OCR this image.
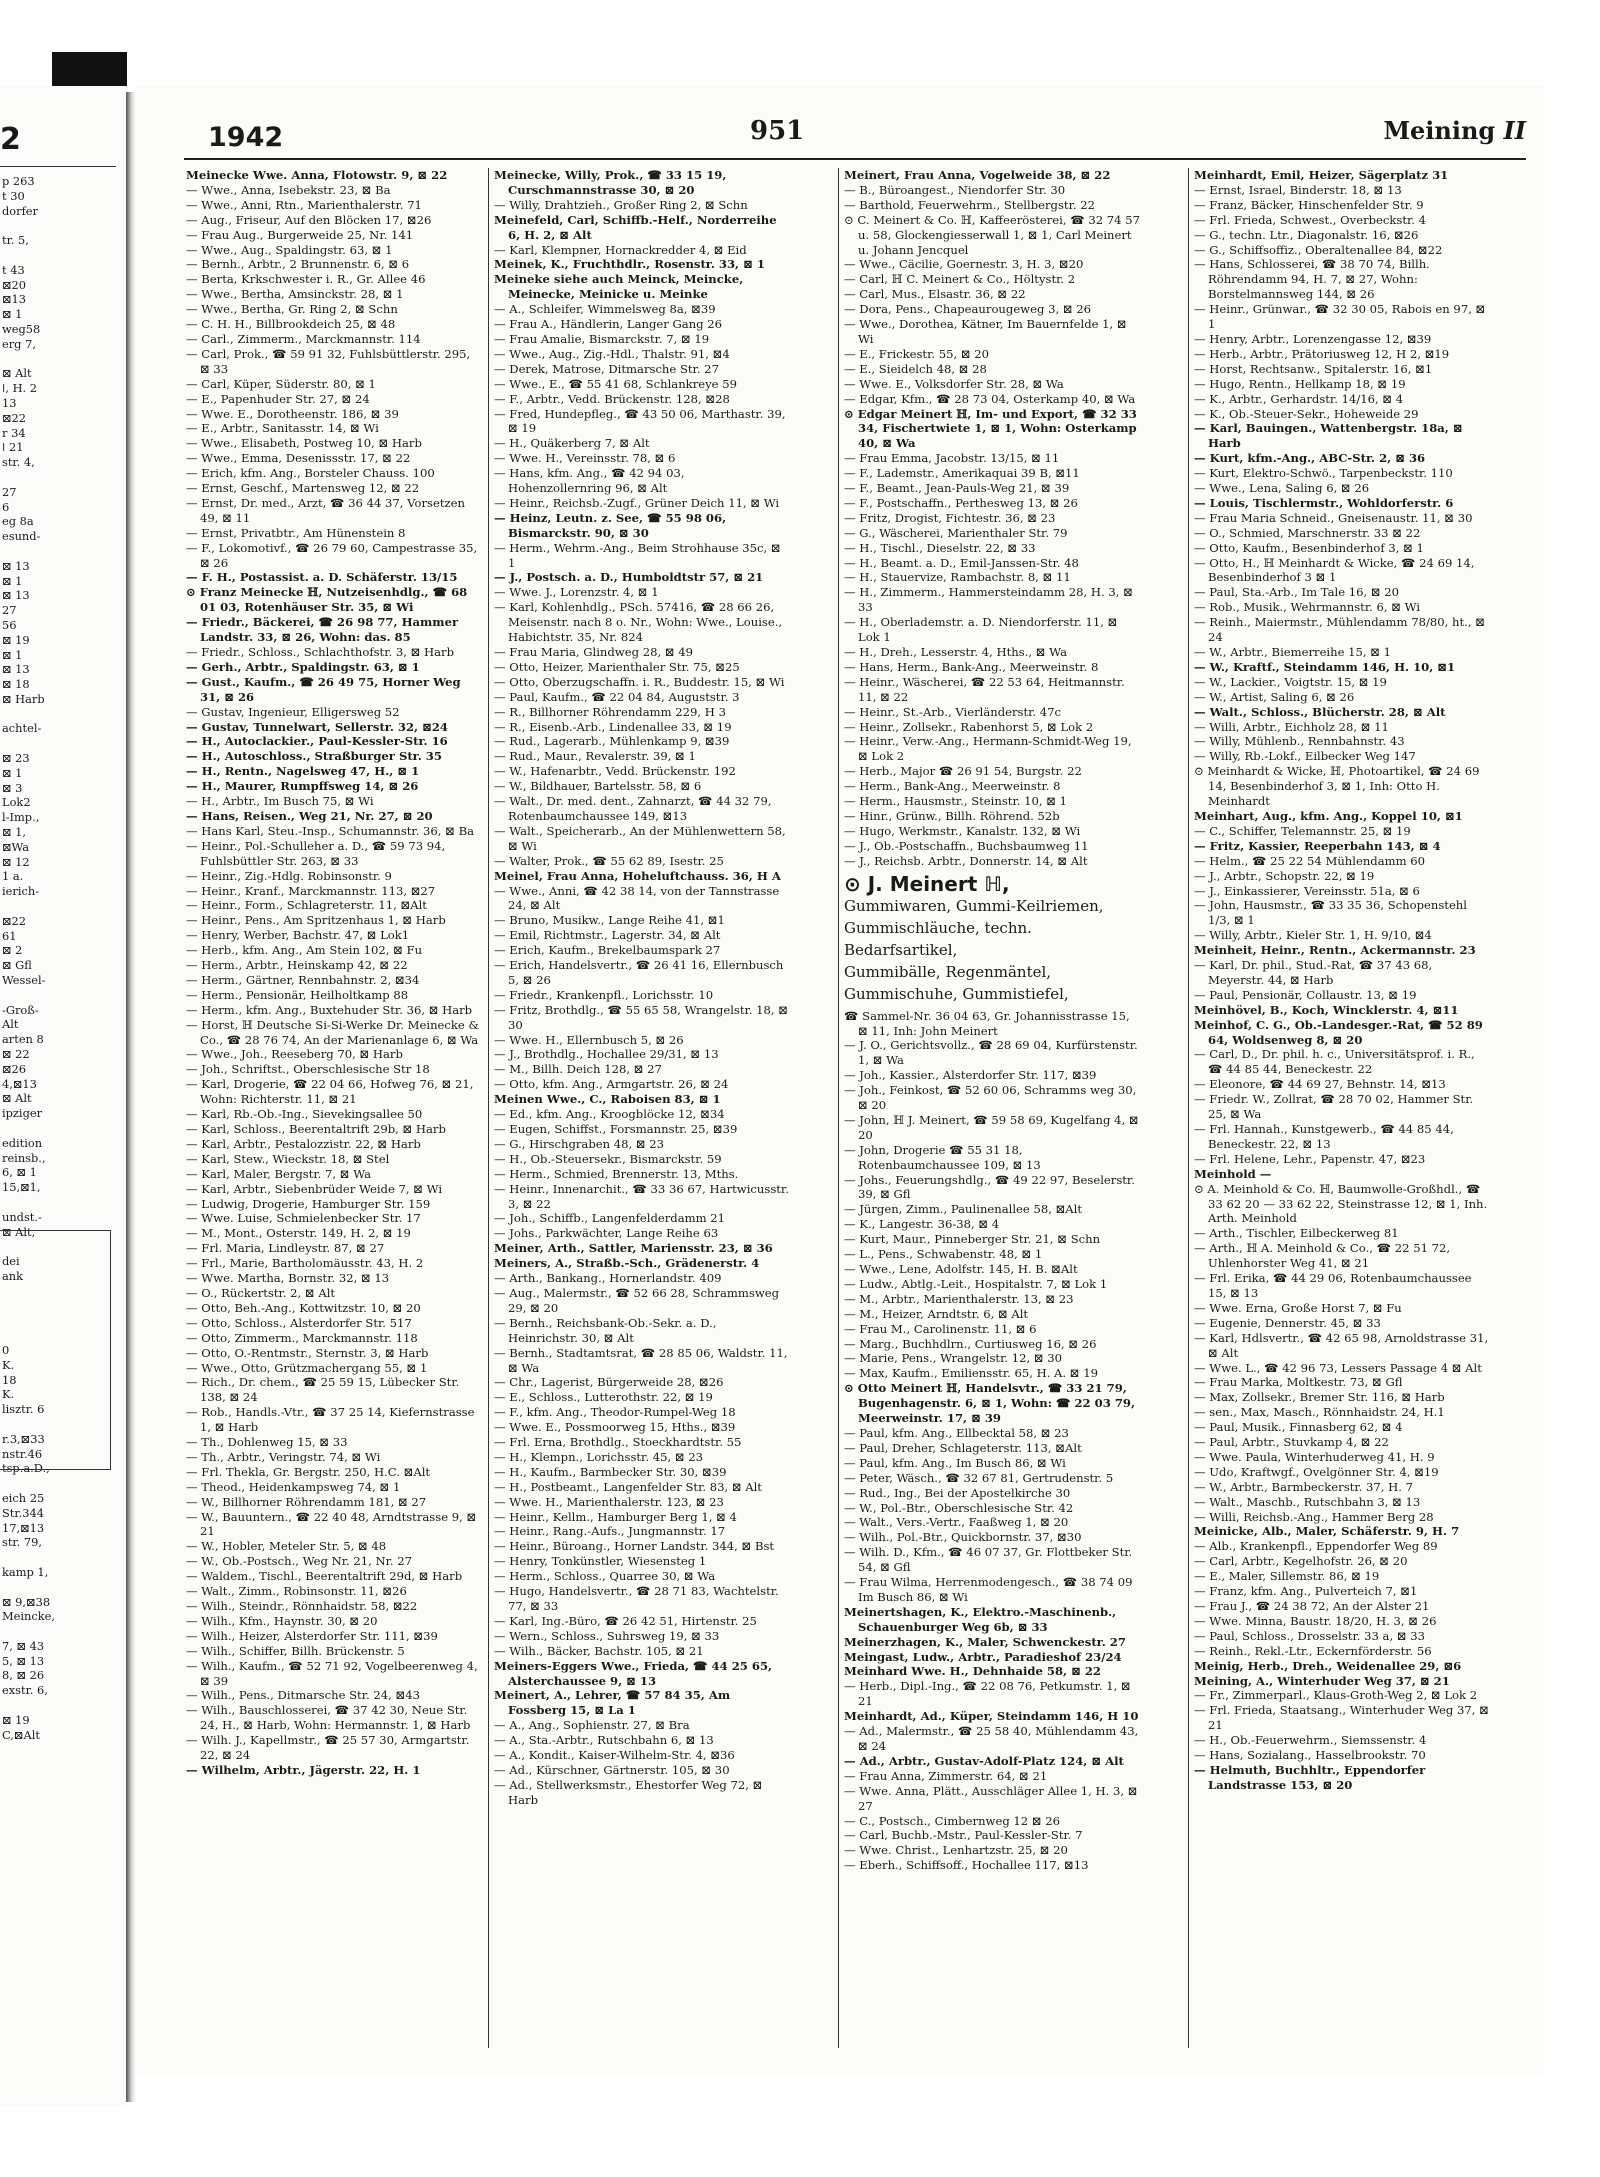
2
p 263
t 30
dorfer

tr. 5,

t 43
⊠20
⊠13
⊠ 1
weg58
erg 7,

⊠ Alt
ǀ, H. 2
13
⊠22
r 34
ǀ 21
str. 4,

27
6
eg 8a
esund-

⊠ 13
⊠ 1
⊠ 13
27
56
⊠ 19
⊠ 1
⊠ 13
⊠ 18
⊠ Harb

achtel-

⊠ 23
⊠ 1
⊠ 3
Lok2
l-Imp.,
⊠ 1,
⊠Wa
⊠ 12
1 a.
ierich-

⊠22
61
⊠ 2
⊠ Gfl
Wessel-

-Groß-
Alt
arten 8
⊠ 22
⊠26
4,⊠13
⊠ Alt
ipziger

edition
reinsb.,
6, ⊠ 1
15,⊠1,

undst.-
⊠ Alt,

dei
ank

0
K.
18
K.
lisztr. 6

r.3,⊠33
nstr.46
tsp.a.D.,

eich 25
Str.344
17,⊠13
str. 79,

kamp 1,

⊠ 9,⊠38
Meincke,

7, ⊠ 43
5, ⊠ 13
8, ⊠ 26
exstr. 6,

⊠ 19
C,⊠Alt
1942	951	Meining II
Meinecke Wwe. Anna, Flotowstr. 9, ⊠ 22
— Wwe., Anna, Isebekstr. 23, ⊠ Ba
— Wwe., Anni, Rtn., Marienthalerstr. 71
— Aug., Friseur, Auf den Blöcken 17, ⊠26
— Frau Aug., Burgerweide 25, Nr. 141
— Wwe., Aug., Spaldingstr. 63, ⊠ 1
— Bernh., Arbtr., 2 Brunnenstr. 6, ⊠ 6
— Berta, Krkschwester i. R., Gr. Allee 46
— Wwe., Bertha, Amsinckstr. 28, ⊠ 1
— Wwe., Bertha, Gr. Ring 2, ⊠ Schn
— C. H. H., Billbrookdeich 25, ⊠ 48
— Carl., Zimmerm., Marckmannstr. 114
— Carl, Prok., ☎ 59 91 32, Fuhlsbüttlerstr. 295, ⊠ 33
— Carl, Küper, Süderstr. 80, ⊠ 1
— E., Papenhuder Str. 27, ⊠ 24
— Wwe. E., Dorotheenstr. 186, ⊠ 39
— E., Arbtr., Sanitasstr. 14, ⊠ Wi
— Wwe., Elisabeth, Postweg 10, ⊠ Harb
— Wwe., Emma, Desenissstr. 17, ⊠ 22
— Erich, kfm. Ang., Borsteler Chauss. 100
— Ernst, Geschf., Martensweg 12, ⊠ 22
— Ernst, Dr. med., Arzt, ☎ 36 44 37, Vorsetzen 49, ⊠ 11
— Ernst, Privatbtr., Am Hünenstein 8
— F., Lokomotivf., ☎ 26 79 60, Campestrasse 35, ⊠ 26
— F. H., Postassist. a. D. Schäferstr. 13/15
⊙ Franz Meinecke ℍ, Nutzeisenhdlg., ☎ 68 01 03, Rotenhäuser Str. 35, ⊠ Wi
— Friedr., Bäckerei, ☎ 26 98 77, Hammer Landstr. 33, ⊠ 26, Wohn: das. 85
— Friedr., Schloss., Schlachthofstr. 3, ⊠ Harb
— Gerh., Arbtr., Spaldingstr. 63, ⊠ 1
— Gust., Kaufm., ☎ 26 49 75, Horner Weg 31, ⊠ 26
— Gustav, Ingenieur, Elligersweg 52
— Gustav, Tunnelwart, Sellerstr. 32, ⊠24
— H., Autoclackier., Paul-Kessler-Str. 16
— H., Autoschloss., Straßburger Str. 35
— H., Rentn., Nagelsweg 47, H., ⊠ 1
— H., Maurer, Rumpffsweg 14, ⊠ 26
— H., Arbtr., Im Busch 75, ⊠ Wi
— Hans, Reisen., Weg 21, Nr. 27, ⊠ 20
— Hans Karl, Steu.-Insp., Schumannstr. 36, ⊠ Ba
— Heinr., Pol.-Schulleher a. D., ☎ 59 73 94, Fuhlsbüttler Str. 263, ⊠ 33
— Heinr., Zig.-Hdlg. Robinsonstr. 9
— Heinr., Kranf., Marckmannstr. 113, ⊠27
— Heinr., Form., Schlagreterstr. 11, ⊠Alt
— Heinr., Pens., Am Spritzenhaus 1, ⊠ Harb
— Henry, Werber, Bachstr. 47, ⊠ Lok1
— Herb., kfm. Ang., Am Stein 102, ⊠ Fu
— Herm., Arbtr., Heinskamp 42, ⊠ 22
— Herm., Gärtner, Rennbahnstr. 2, ⊠34
— Herm., Pensionär, Heilholtkamp 88
— Herm., kfm. Ang., Buxtehuder Str. 36, ⊠ Harb
— Horst, ℍ Deutsche Si-Si-Werke Dr. Meinecke & Co., ☎ 28 76 74, An der Marienanlage 6, ⊠ Wa
— Wwe., Joh., Reeseberg 70, ⊠ Harb
— Joh., Schriftst., Oberschlesische Str 18
— Karl, Drogerie, ☎ 22 04 66, Hofweg 76, ⊠ 21, Wohn: Richterstr. 11, ⊠ 21
— Karl, Rb.-Ob.-Ing., Sievekingsallee 50
— Karl, Schloss., Beerentaltrift 29b, ⊠ Harb
— Karl, Arbtr., Pestalozzistr. 22, ⊠ Harb
— Karl, Stew., Wieckstr. 18, ⊠ Stel
— Karl, Maler, Bergstr. 7, ⊠ Wa
— Karl, Arbtr., Siebenbrüder Weide 7, ⊠ Wi
— Ludwig, Drogerie, Hamburger Str. 159
— Wwe. Luise, Schmielenbecker Str. 17
— M., Mont., Osterstr. 149, H. 2, ⊠ 19
— Frl. Maria, Lindleystr. 87, ⊠ 27
— Frl., Marie, Bartholomäusstr. 43, H. 2
— Wwe. Martha, Bornstr. 32, ⊠ 13
— O., Rückertstr. 2, ⊠ Alt
— Otto, Beh.-Ang., Kottwitzstr. 10, ⊠ 20
— Otto, Schloss., Alsterdorfer Str. 517
— Otto, Zimmerm., Marckmannstr. 118
— Otto, O.-Rentmstr., Sternstr. 3, ⊠ Harb
— Wwe., Otto, Grützmachergang 55, ⊠ 1
— Rich., Dr. chem., ☎ 25 59 15, Lübecker Str. 138, ⊠ 24
— Rob., Handls.-Vtr., ☎ 37 25 14, Kiefernstrasse 1, ⊠ Harb
— Th., Dohlenweg 15, ⊠ 33
— Th., Arbtr., Veringstr. 74, ⊠ Wi
— Frl. Thekla, Gr. Bergstr. 250, H.C. ⊠Alt
— Theod., Heidenkampsweg 74, ⊠ 1
— W., Billhorner Röhrendamm 181, ⊠ 27
— W., Bauuntern., ☎ 22 40 48, Arndtstrasse 9, ⊠ 21
— W., Hobler, Meteler Str. 5, ⊠ 48
— W., Ob.-Postsch., Weg Nr. 21, Nr. 27
— Waldem., Tischl., Beerentaltrift 29d, ⊠ Harb
— Walt., Zimm., Robinsonstr. 11, ⊠26
— Wilh., Steindr., Rönnhaidstr. 58, ⊠22
— Wilh., Kfm., Haynstr. 30, ⊠ 20
— Wilh., Heizer, Alsterdorfer Str. 111, ⊠39
— Wilh., Schiffer, Billh. Brückenstr. 5
— Wilh., Kaufm., ☎ 52 71 92, Vogelbeerenweg 4, ⊠ 39
— Wilh., Pens., Ditmarsche Str. 24, ⊠43
— Wilh., Bauschlosserei, ☎ 37 42 30, Neue Str. 24, H., ⊠ Harb, Wohn: Hermannstr. 1, ⊠ Harb
— Wilh. J., Kapellmstr., ☎ 25 57 30, Armgartstr. 22, ⊠ 24
— Wilhelm, Arbtr., Jägerstr. 22, H. 1
Meinecke, Willy, Prok., ☎ 33 15 19, Curschmannstrasse 30, ⊠ 20
— Willy, Drahtzieh., Großer Ring 2, ⊠ Schn
Meinefeld, Carl, Schiffb.-Helf., Norderreihe 6, H. 2, ⊠ Alt
— Karl, Klempner, Hornackredder 4, ⊠ Eid
Meinek, K., Fruchthdlr., Rosenstr. 33, ⊠ 1
Meineke siehe auch Meinck, Meincke, Meinecke, Meinicke u. Meinke
— A., Schleifer, Wimmelsweg 8a, ⊠39
— Frau A., Händlerin, Langer Gang 26
— Frau Amalie, Bismarckstr. 7, ⊠ 19
— Wwe., Aug., Zig.-Hdl., Thalstr. 91, ⊠4
— Derek, Matrose, Ditmarsche Str. 27
— Wwe., E., ☎ 55 41 68, Schlankreye 59
— F., Arbtr., Vedd. Brückenstr. 128, ⊠28
— Fred, Hundepfleg., ☎ 43 50 06, Marthastr. 39, ⊠ 19
— H., Quäkerberg 7, ⊠ Alt
— Wwe. H., Vereinsstr. 78, ⊠ 6
— Hans, kfm. Ang., ☎ 42 94 03, Hohenzollernring 96, ⊠ Alt
— Heinr., Reichsb.-Zugf., Grüner Deich 11, ⊠ Wi
— Heinz, Leutn. z. See, ☎ 55 98 06, Bismarckstr. 90, ⊠ 30
— Herm., Wehrm.-Ang., Beim Strohhause 35c, ⊠ 1
— J., Postsch. a. D., Humboldtstr 57, ⊠ 21
— Wwe. J., Lorenzstr. 4, ⊠ 1
— Karl, Kohlenhdlg., PSch. 57416, ☎ 28 66 26, Meisenstr. nach 8 o. Nr., Wohn: Wwe., Louise., Habichtstr. 35, Nr. 824
— Frau Maria, Glindweg 28, ⊠ 49
— Otto, Heizer, Marienthaler Str. 75, ⊠25
— Otto, Oberzugschaffn. i. R., Buddestr. 15, ⊠ Wi
— Paul, Kaufm., ☎ 22 04 84, Auguststr. 3
— R., Billhorner Röhrendamm 229, H 3
— R., Eisenb.-Arb., Lindenallee 33, ⊠ 19
— Rud., Lagerarb., Mühlenkamp 9, ⊠39
— Rud., Maur., Revalerstr. 39, ⊠ 1
— W., Hafenarbtr., Vedd. Brückenstr. 192
— W., Bildhauer, Bartelsstr. 58, ⊠ 6
— Walt., Dr. med. dent., Zahnarzt, ☎ 44 32 79, Rotenbaumchaussee 149, ⊠13
— Walt., Speicherarb., An der Mühlenwettern 58, ⊠ Wi
— Walter, Prok., ☎ 55 62 89, Isestr. 25
Meinel, Frau Anna, Hoheluftchauss. 36, H A
— Wwe., Anni, ☎ 42 38 14, von der Tannstrasse 24, ⊠ Alt
— Bruno, Musikw., Lange Reihe 41, ⊠1
— Emil, Richtmstr., Lagerstr. 34, ⊠ Alt
— Erich, Kaufm., Brekelbaumspark 27
— Erich, Handelsvertr., ☎ 26 41 16, Ellernbusch 5, ⊠ 26
— Friedr., Krankenpfl., Lorichsstr. 10
— Fritz, Brothdlg., ☎ 55 65 58, Wrangelstr. 18, ⊠ 30
— Wwe. H., Ellernbusch 5, ⊠ 26
— J., Brothdlg., Hochallee 29/31, ⊠ 13
— M., Billh. Deich 128, ⊠ 27
— Otto, kfm. Ang., Armgartstr. 26, ⊠ 24
Meinen Wwe., C., Raboisen 83, ⊠ 1
— Ed., kfm. Ang., Kroogblöcke 12, ⊠34
— Eugen, Schiffst., Forsmannstr. 25, ⊠39
— G., Hirschgraben 48, ⊠ 23
— H., Ob.-Steuersekr., Bismarckstr. 59
— Herm., Schmied, Brennerstr. 13, Mths.
— Heinr., Innenarchit., ☎ 33 36 67, Hartwicusstr. 3, ⊠ 22
— Joh., Schiffb., Langenfelderdamm 21
— Johs., Parkwächter, Lange Reihe 63
Meiner, Arth., Sattler, Mariensstr. 23, ⊠ 36
Meiners, A., Straßb.-Sch., Grädenerstr. 4
— Arth., Bankang., Hornerlandstr. 409
— Aug., Malermstr., ☎ 52 66 28, Schrammsweg 29, ⊠ 20
— Bernh., Reichsbank-Ob.-Sekr. a. D., Heinrichstr. 30, ⊠ Alt
— Bernh., Stadtamtsrat, ☎ 28 85 06, Waldstr. 11, ⊠ Wa
— Chr., Lagerist, Bürgerweide 28, ⊠26
— E., Schloss., Lutterothstr. 22, ⊠ 19
— F., kfm. Ang., Theodor-Rumpel-Weg 18
— Wwe. E., Possmoorweg 15, Hths., ⊠39
— Frl. Erna, Brothdlg., Stoeckhardtstr. 55
— H., Klempn., Lorichsstr. 45, ⊠ 23
— H., Kaufm., Barmbecker Str. 30, ⊠39
— H., Postbeamt., Langenfelder Str. 83, ⊠ Alt
— Wwe. H., Marienthalerstr. 123, ⊠ 23
— Heinr., Kellm., Hamburger Berg 1, ⊠ 4
— Heinr., Rang.-Aufs., Jungmannstr. 17
— Heinr., Büroang., Horner Landstr. 344, ⊠ Bst
— Henry, Tonkünstler, Wiesensteg 1
— Herm., Schloss., Quarree 30, ⊠ Wa
— Hugo, Handelsvertr., ☎ 28 71 83, Wachtelstr. 77, ⊠ 33
— Karl, Ing.-Büro, ☎ 26 42 51, Hirtenstr. 25
— Wern., Schloss., Suhrsweg 19, ⊠ 33
— Wilh., Bäcker, Bachstr. 105, ⊠ 21
Meiners-Eggers Wwe., Frieda, ☎ 44 25 65, Alsterchaussee 9, ⊠ 13
Meinert, A., Lehrer, ☎ 57 84 35, Am Fossberg 15, ⊠ La 1
— A., Ang., Sophienstr. 27, ⊠ Bra
— A., Sta.-Arbtr., Rutschbahn 6, ⊠ 13
— A., Kondit., Kaiser-Wilhelm-Str. 4, ⊠36
— Ad., Kürschner, Gärtnerstr. 105, ⊠ 30
— Ad., Stellwerksmstr., Ehestorfer Weg 72, ⊠ Harb
Meinert, Frau Anna, Vogelweide 38, ⊠ 22
— B., Büroangest., Niendorfer Str. 30
— Barthold, Feuerwehrm., Stellbergstr. 22
⊙ C. Meinert & Co. ℍ, Kaffeerösterei, ☎ 32 74 57 u. 58, Glockengiesserwall 1, ⊠ 1, Carl Meinert u. Johann Jencquel
— Wwe., Cäcilie, Goernestr. 3, H. 3, ⊠20
— Carl, ℍ C. Meinert & Co., Höltystr. 2
— Carl, Mus., Elsastr. 36, ⊠ 22
— Dora, Pens., Chapeaurougeweg 3, ⊠ 26
— Wwe., Dorothea, Kätner, Im Bauernfelde 1, ⊠ Wi
— E., Frickestr. 55, ⊠ 20
— E., Sieidelch 48, ⊠ 28
— Wwe. E., Volksdorfer Str. 28, ⊠ Wa
— Edgar, Kfm., ☎ 28 73 04, Osterkamp 40, ⊠ Wa
⊙ Edgar Meinert ℍ, Im- und Export, ☎ 32 33 34, Fischertwiete 1, ⊠ 1, Wohn: Osterkamp 40, ⊠ Wa
— Frau Emma, Jacobstr. 13/15, ⊠ 11
— F., Lademstr., Amerikaquai 39 B, ⊠11
— F., Beamt., Jean-Pauls-Weg 21, ⊠ 39
— F., Postschaffn., Perthesweg 13, ⊠ 26
— Fritz, Drogist, Fichtestr. 36, ⊠ 23
— G., Wäscherei, Marienthaler Str. 79
— H., Tischl., Dieselstr. 22, ⊠ 33
— H., Beamt. a. D., Emil-Janssen-Str. 48
— H., Stauervize, Rambachstr. 8, ⊠ 11
— H., Zimmerm., Hammersteindamm 28, H. 3, ⊠ 33
— H., Oberlademstr. a. D. Niendorferstr. 11, ⊠ Lok 1
— H., Dreh., Lesserstr. 4, Hths., ⊠ Wa
— Hans, Herm., Bank-Ang., Meerweinstr. 8
— Heinr., Wäscherei, ☎ 22 53 64, Heitmannstr. 11, ⊠ 22
— Heinr., St.-Arb., Vierländerstr. 47c
— Heinr., Zollsekr., Rabenhorst 5, ⊠ Lok 2
— Heinr., Verw.-Ang., Hermann-Schmidt-Weg 19, ⊠ Lok 2
— Herb., Major ☎ 26 91 54, Burgstr. 22
— Herm., Bank-Ang., Meerweinstr. 8
— Herm., Hausmstr., Steinstr. 10, ⊠ 1
— Hinr., Grünw., Billh. Röhrend. 52b
— Hugo, Werkmstr., Kanalstr. 132, ⊠ Wi
— J., Ob.-Postschaffn., Buchsbaumweg 11
— J., Reichsb. Arbtr., Donnerstr. 14, ⊠ Alt
⊙ J. Meinert ℍ,
Gummiwaren, Gummi-Keilriemen,
Gummischläuche, techn. Bedarfsartikel,
Gummibälle, Regenmäntel,
Gummischuhe, Gummistiefel,
☎ Sammel-Nr. 36 04 63, Gr. Johannisstrasse 15, ⊠ 11, Inh: John Meinert
— J. O., Gerichtsvollz., ☎ 28 69 04, Kurfürstenstr. 1, ⊠ Wa
— Joh., Kassier., Alsterdorfer Str. 117, ⊠39
— Joh., Feinkost, ☎ 52 60 06, Schramms weg 30, ⊠ 20
— John, ℍ J. Meinert, ☎ 59 58 69, Kugelfang 4, ⊠ 20
— John, Drogerie ☎ 55 31 18, Rotenbaumchaussee 109, ⊠ 13
— Johs., Feuerungshdlg., ☎ 49 22 97, Beselerstr. 39, ⊠ Gfl
— Jürgen, Zimm., Paulinenallee 58, ⊠Alt
— K., Langestr. 36-38, ⊠ 4
— Kurt, Maur., Pinneberger Str. 21, ⊠ Schn
— L., Pens., Schwabenstr. 48, ⊠ 1
— Wwe., Lene, Adolfstr. 145, H. B. ⊠Alt
— Ludw., Abtlg.-Leit., Hospitalstr. 7, ⊠ Lok 1
— M., Arbtr., Marienthalerstr. 13, ⊠ 23
— M., Heizer, Arndtstr. 6, ⊠ Alt
— Frau M., Carolinenstr. 11, ⊠ 6
— Marg., Buchhdlrn., Curtiusweg 16, ⊠ 26
— Marie, Pens., Wrangelstr. 12, ⊠ 30
— Max, Kaufm., Emiliensstr. 65, H. A. ⊠ 19
⊙ Otto Meinert ℍ, Handelsvtr., ☎ 33 21 79, Bugenhagenstr. 6, ⊠ 1, Wohn: ☎ 22 03 79, Meerweinstr. 17, ⊠ 39
— Paul, kfm. Ang., Ellbecktal 58, ⊠ 23
— Paul, Dreher, Schlageterstr. 113, ⊠Alt
— Paul, kfm. Ang., Im Busch 86, ⊠ Wi
— Peter, Wäsch., ☎ 32 67 81, Gertrudenstr. 5
— Rud., Ing., Bei der Apostelkirche 30
— W., Pol.-Btr., Oberschlesische Str. 42
— Walt., Vers.-Vertr., Faaßweg 1, ⊠ 20
— Wilh., Pol.-Btr., Quickbornstr. 37, ⊠30
— Wilh. D., Kfm., ☎ 46 07 37, Gr. Flottbeker Str. 54, ⊠ Gfl
— Frau Wilma, Herrenmodengesch., ☎ 38 74 09 Im Busch 86, ⊠ Wi
Meinertshagen, K., Elektro.-Maschinenb., Schauenburger Weg 6b, ⊠ 33
Meinerzhagen, K., Maler, Schwenckestr. 27
Meingast, Ludw., Arbtr., Paradieshof 23/24
Meinhard Wwe. H., Dehnhaide 58, ⊠ 22
— Herb., Dipl.-Ing., ☎ 22 08 76, Petkumstr. 1, ⊠ 21
Meinhardt, Ad., Küper, Steindamm 146, H 10
— Ad., Malermstr., ☎ 25 58 40, Mühlendamm 43, ⊠ 24
— Ad., Arbtr., Gustav-Adolf-Platz 124, ⊠ Alt
— Frau Anna, Zimmerstr. 64, ⊠ 21
— Wwe. Anna, Plätt., Ausschläger Allee 1, H. 3, ⊠ 27
— C., Postsch., Cimbernweg 12 ⊠ 26
— Carl, Buchb.-Mstr., Paul-Kessler-Str. 7
— Wwe. Christ., Lenhartzstr. 25, ⊠ 20
— Eberh., Schiffsoff., Hochallee 117, ⊠13
Meinhardt, Emil, Heizer, Sägerplatz 31
— Ernst, Israel, Binderstr. 18, ⊠ 13
— Franz, Bäcker, Hinschenfelder Str. 9
— Frl. Frieda, Schwest., Overbeckstr. 4
— G., techn. Ltr., Diagonalstr. 16, ⊠26
— G., Schiffsoffiz., Oberaltenallee 84, ⊠22
— Hans, Schlosserei, ☎ 38 70 74, Billh. Röhrendamm 94, H. 7, ⊠ 27, Wohn: Borstelmannsweg 144, ⊠ 26
— Heinr., Grünwar., ☎ 32 30 05, Rabois en 97, ⊠ 1
— Henry, Arbtr., Lorenzengasse 12, ⊠39
— Herb., Arbtr., Prätoriusweg 12, H 2, ⊠19
— Horst, Rechtsanw., Spitalerstr. 16, ⊠1
— Hugo, Rentn., Hellkamp 18, ⊠ 19
— K., Arbtr., Gerhardstr. 14/16, ⊠ 4
— K., Ob.-Steuer-Sekr., Hoheweide 29
— Karl, Bauingen., Wattenbergstr. 18a, ⊠ Harb
— Kurt, kfm.-Ang., ABC-Str. 2, ⊠ 36
— Kurt, Elektro-Schwö., Tarpenbeckstr. 110
— Wwe., Lena, Saling 6, ⊠ 26
— Louis, Tischlermstr., Wohldorferstr. 6
— Frau Maria Schneid., Gneisenaustr. 11, ⊠ 30
— O., Schmied, Marschnerstr. 33 ⊠ 22
— Otto, Kaufm., Besenbinderhof 3, ⊠ 1
— Otto, H., ℍ Meinhardt & Wicke, ☎ 24 69 14, Besenbinderhof 3 ⊠ 1
— Paul, Sta.-Arb., Im Tale 16, ⊠ 20
— Rob., Musik., Wehrmannstr. 6, ⊠ Wi
— Reinh., Maiermstr., Mühlendamm 78/80, ht., ⊠ 24
— W., Arbtr., Biemerreihe 15, ⊠ 1
— W., Kraftf., Steindamm 146, H. 10, ⊠1
— W., Lackier., Voigtstr. 15, ⊠ 19
— W., Artist, Saling 6, ⊠ 26
— Walt., Schloss., Blücherstr. 28, ⊠ Alt
— Willi, Arbtr., Eichholz 28, ⊠ 11
— Willy, Mühlenb., Rennbahnstr. 43
— Willy, Rb.-Lokf., Eilbecker Weg 147
⊙ Meinhardt & Wicke, ℍ, Photoartikel, ☎ 24 69 14, Besenbinderhof 3, ⊠ 1, Inh: Otto H. Meinhardt
Meinhart, Aug., kfm. Ang., Koppel 10, ⊠1
— C., Schiffer, Telemannstr. 25, ⊠ 19
— Fritz, Kassier, Reeperbahn 143, ⊠ 4
— Helm., ☎ 25 22 54 Mühlendamm 60
— J., Arbtr., Schopstr. 22, ⊠ 19
— J., Einkassierer, Vereinsstr. 51a, ⊠ 6
— John, Hausmstr., ☎ 33 35 36, Schopenstehl 1/3, ⊠ 1
— Willy, Arbtr., Kieler Str. 1, H. 9/10, ⊠4
Meinheit, Heinr., Rentn., Ackermannstr. 23
— Karl, Dr. phil., Stud.-Rat, ☎ 37 43 68, Meyerstr. 44, ⊠ Harb
— Paul, Pensionär, Collaustr. 13, ⊠ 19
Meinhövel, B., Koch, Wincklerstr. 4, ⊠11
Meinhof, C. G., Ob.-Landesger.-Rat, ☎ 52 89 64, Woldsenweg 8, ⊠ 20
— Carl, D., Dr. phil. h. c., Universitätsprof. i. R., ☎ 44 85 44, Beneckestr. 22
— Eleonore, ☎ 44 69 27, Behnstr. 14, ⊠13
— Friedr. W., Zollrat, ☎ 28 70 02, Hammer Str. 25, ⊠ Wa
— Frl. Hannah., Kunstgewerb., ☎ 44 85 44, Beneckestr. 22, ⊠ 13
— Frl. Helene, Lehr., Papenstr. 47, ⊠23
Meinhold —
⊙ A. Meinhold & Co. ℍ, Baumwolle-Großhdl., ☎ 33 62 20 — 33 62 22, Steinstrasse 12, ⊠ 1, Inh. Arth. Meinhold
— Arth., Tischler, Eilbeckerweg 81
— Arth., ℍ A. Meinhold & Co., ☎ 22 51 72, Uhlenhorster Weg 41, ⊠ 21
— Frl. Erika, ☎ 44 29 06, Rotenbaumchaussee 15, ⊠ 13
— Wwe. Erna, Große Horst 7, ⊠ Fu
— Eugenie, Dennerstr. 45, ⊠ 33
— Karl, Hdlsvertr., ☎ 42 65 98, Arnoldstrasse 31, ⊠ Alt
— Wwe. L., ☎ 42 96 73, Lessers Passage 4 ⊠ Alt
— Frau Marka, Moltkestr. 73, ⊠ Gfl
— Max, Zollsekr., Bremer Str. 116, ⊠ Harb
— sen., Max, Masch., Rönnhaidstr. 24, H.1
— Paul, Musik., Finnasberg 62, ⊠ 4
— Paul, Arbtr., Stuvkamp 4, ⊠ 22
— Wwe. Paula, Winterhuderweg 41, H. 9
— Udo, Kraftwgf., Ovelgönner Str. 4, ⊠19
— W., Arbtr., Barmbeckerstr. 37, H. 7
— Walt., Maschb., Rutschbahn 3, ⊠ 13
— Willi, Reichsb.-Ang., Hammer Berg 28
Meinicke, Alb., Maler, Schäferstr. 9, H. 7
— Alb., Krankenpfl., Eppendorfer Weg 89
— Carl, Arbtr., Kegelhofstr. 26, ⊠ 20
— E., Maler, Sillemstr. 86, ⊠ 19
— Franz, kfm. Ang., Pulverteich 7, ⊠1
— Frau J., ☎ 24 38 72, An der Alster 21
— Wwe. Minna, Baustr. 18/20, H. 3, ⊠ 26
— Paul, Schloss., Drosselstr. 33 a, ⊠ 33
— Reinh., Rekl.-Ltr., Eckernförderstr. 56
Meinig, Herb., Dreh., Weidenallee 29, ⊠6
Meining, A., Winterhuder Weg 37, ⊠ 21
— Fr., Zimmerparl., Klaus-Groth-Weg 2, ⊠ Lok 2
— Frl. Frieda, Staatsang., Winterhuder Weg 37, ⊠ 21
— H., Ob.-Feuerwehrm., Siemssenstr. 4
— Hans, Sozialang., Hasselbrookstr. 70
— Helmuth, Buchhltr., Eppendorfer Landstrasse 153, ⊠ 20
